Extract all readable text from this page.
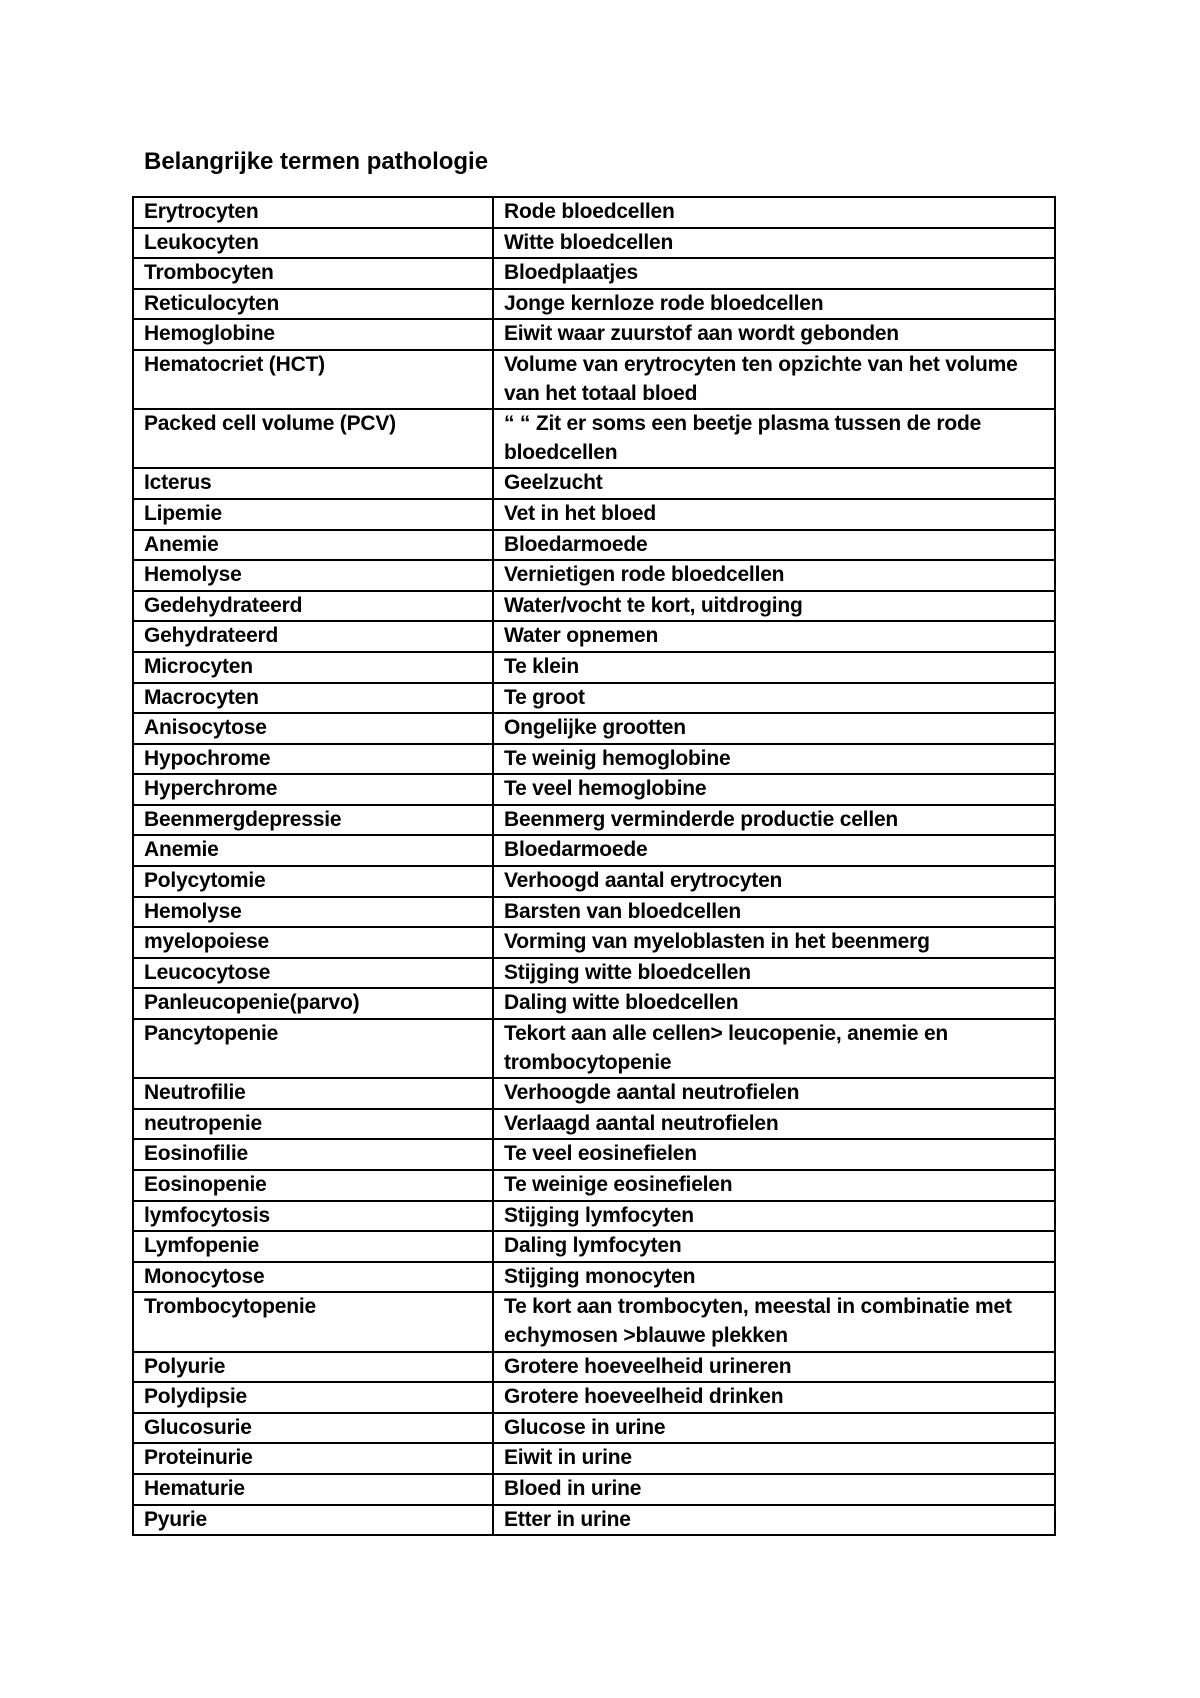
Belangrijke termen pathologie
Erytrocyten	Rode bloedcellen
Leukocyten	Witte bloedcellen
Trombocyten	Bloedplaatjes
Reticulocyten	Jonge kernloze rode bloedcellen
Hemoglobine	Eiwit waar zuurstof aan wordt gebonden
Hematocriet (HCT)	Volume van erytrocyten ten opzichte van het volume van het totaal bloed
Packed cell volume (PCV)	“ “ Zit er soms een beetje plasma tussen de rode bloedcellen
Icterus	Geelzucht
Lipemie	Vet in het bloed
Anemie	Bloedarmoede
Hemolyse	Vernietigen rode bloedcellen
Gedehydrateerd	Water/vocht te kort, uitdroging
Gehydrateerd	Water opnemen
Microcyten	Te klein
Macrocyten	Te groot
Anisocytose	Ongelijke grootten
Hypochrome	Te weinig hemoglobine
Hyperchrome	Te veel hemoglobine
Beenmergdepressie	Beenmerg verminderde productie cellen
Anemie	Bloedarmoede
Polycytomie	Verhoogd aantal erytrocyten
Hemolyse	Barsten van bloedcellen
myelopoiese	Vorming van myeloblasten in het beenmerg
Leucocytose	Stijging witte bloedcellen
Panleucopenie(parvo)	Daling witte bloedcellen
Pancytopenie	Tekort aan alle cellen> leucopenie, anemie en trombocytopenie
Neutrofilie	Verhoogde aantal neutrofielen
neutropenie	Verlaagd aantal neutrofielen
Eosinofilie	Te veel eosinefielen
Eosinopenie	Te weinige eosinefielen
lymfocytosis	Stijging lymfocyten
Lymfopenie	Daling lymfocyten
Monocytose	Stijging monocyten
Trombocytopenie	Te kort aan trombocyten, meestal in combinatie met echymosen >blauwe plekken
Polyurie	Grotere hoeveelheid urineren
Polydipsie	Grotere hoeveelheid drinken
Glucosurie	Glucose in urine
Proteinurie	Eiwit in urine
Hematurie	Bloed in urine
Pyurie	Etter in urine
